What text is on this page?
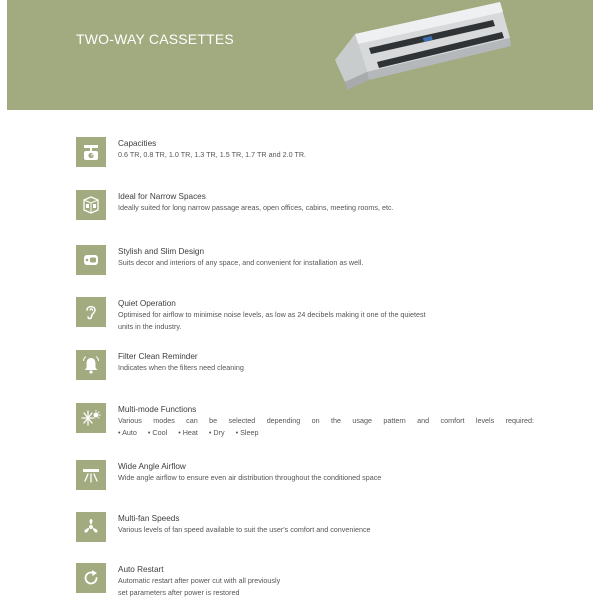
TWO-WAY CASSETTES
Capacities
0.6 TR, 0.8 TR, 1.0 TR, 1.3 TR, 1.5 TR, 1.7 TR and 2.0 TR.
Ideal for Narrow Spaces
Ideally suited for long narrow passage areas, open offices, cabins, meeting rooms, etc.
Stylish and Slim Design
Suits decor and interiors of any space, and convenient for installation as well.
Quiet Operation
Optimised for airflow to minimise noise levels, as low as 24 decibels making it one of the quietest
units in the industry.
Filter Clean Reminder
Indicates when the filters need cleaning
Multi-mode Functions
Various modes can be selected depending on the usage pattern and comfort levels required:
• Auto • Cool • Heat • Dry • Sleep
Wide Angle Airflow
Wide angle airflow to ensure even air distribution throughout the conditioned space
Multi-fan Speeds
Various levels of fan speed available to suit the user's comfort and convenience
Auto Restart
Automatic restart after power cut with all previously
set parameters after power is restored
